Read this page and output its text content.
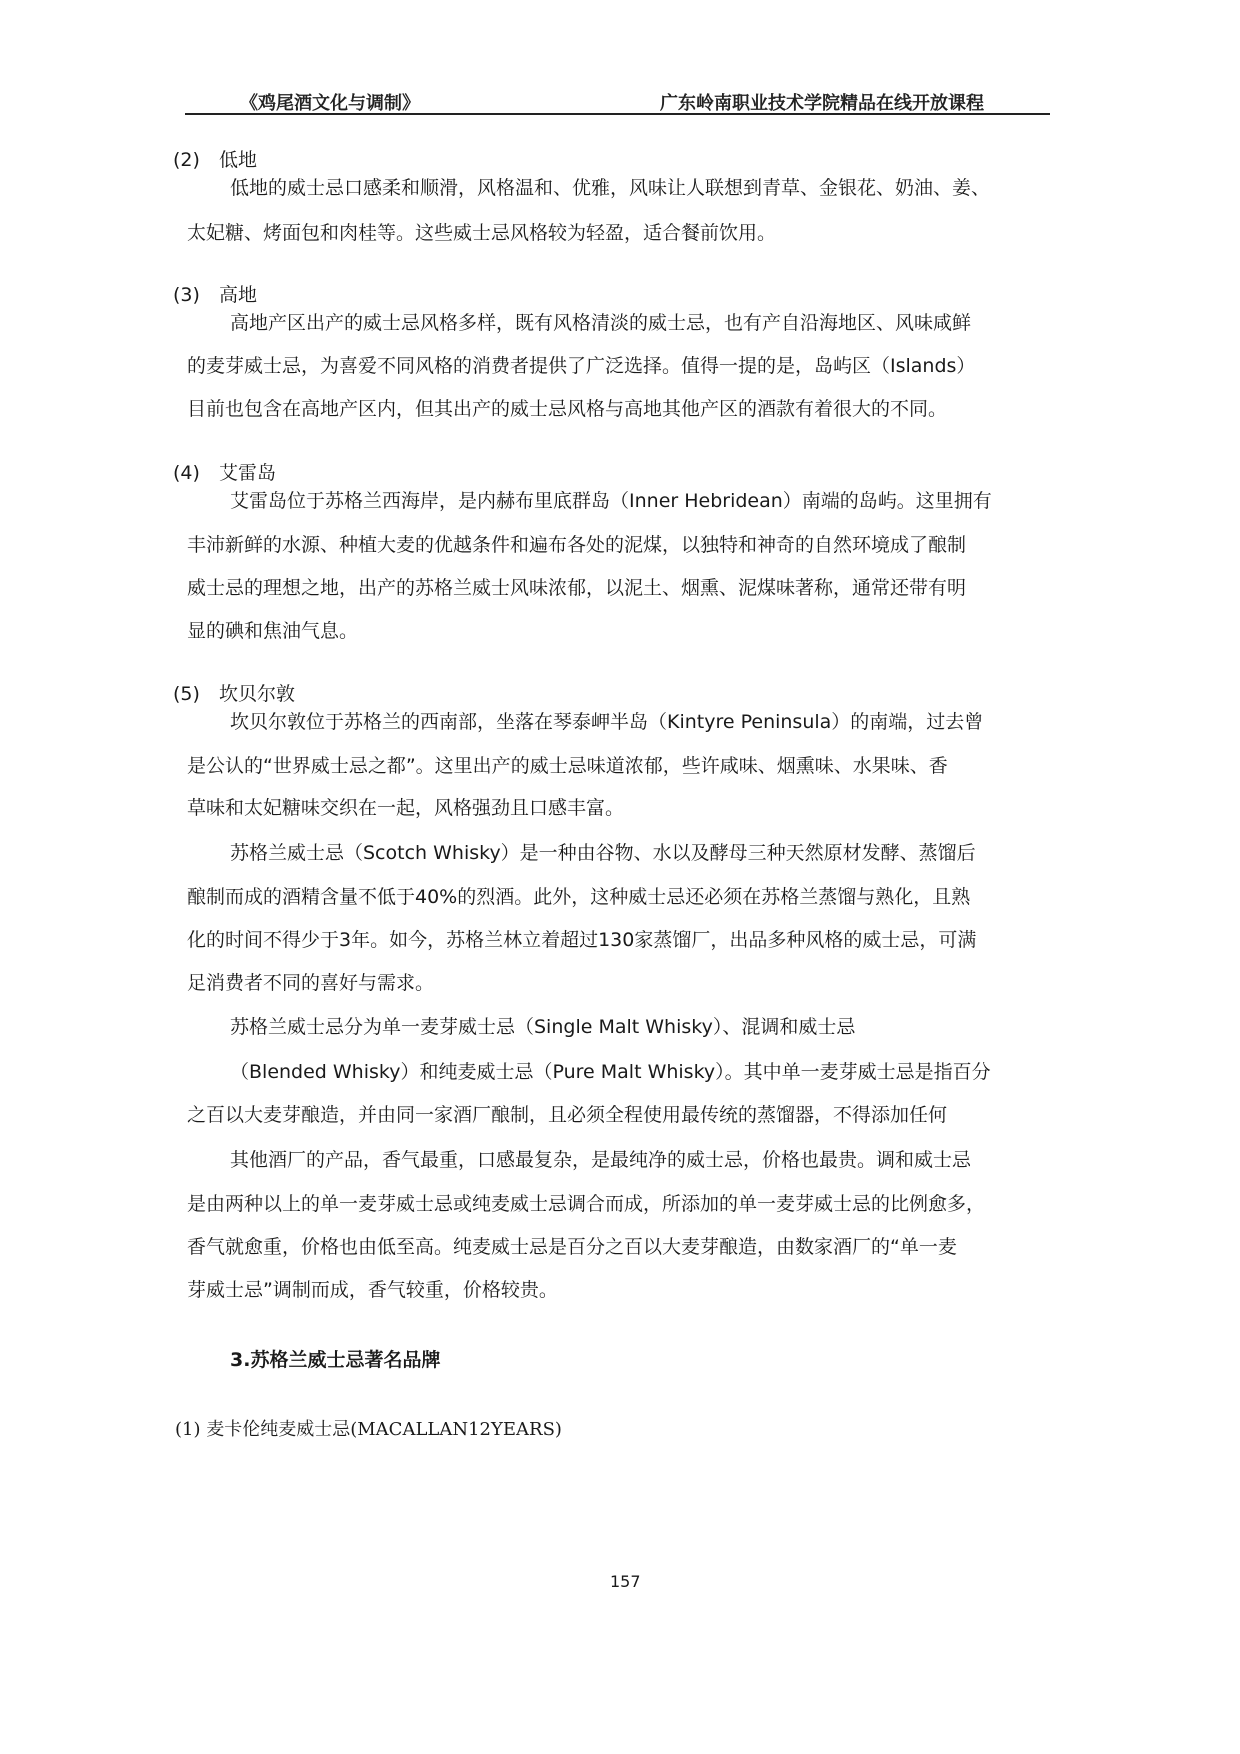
《鸡尾酒文化与调制》	广东岭南职业技术学院精品在线开放课程
(2) 低地
低地的威士忌口感柔和顺滑，风格温和、优雅，风味让人联想到青草、金银花、奶油、姜、
太妃糖、烤面包和肉桂等。这些威士忌风格较为轻盈，适合餐前饮用。
(3) 高地
高地产区出产的威士忌风格多样，既有风格清淡的威士忌，也有产自沿海地区、风味咸鲜
的麦芽威士忌，为喜爱不同风格的消费者提供了广泛选择。值得一提的是，岛屿区（Islands）
目前也包含在高地产区内，但其出产的威士忌风格与高地其他产区的酒款有着很大的不同。
(4) 艾雷岛
艾雷岛位于苏格兰西海岸，是内赫布里底群岛（Inner Hebridean）南端的岛屿。这里拥有
丰沛新鲜的水源、种植大麦的优越条件和遍布各处的泥煤，以独特和神奇的自然环境成了酿制
威士忌的理想之地，出产的苏格兰威士风味浓郁，以泥土、烟熏、泥煤味著称，通常还带有明
显的碘和焦油气息。
(5) 坎贝尔敦
坎贝尔敦位于苏格兰的西南部，坐落在琴泰岬半岛（Kintyre Peninsula）的南端，过去曾
是公认的“世界威士忌之都”。这里出产的威士忌味道浓郁，些许咸味、烟熏味、水果味、香
草味和太妃糖味交织在一起，风格强劲且口感丰富。
苏格兰威士忌（Scotch Whisky）是一种由谷物、水以及酵母三种天然原材发酵、蒸馏后
酿制而成的酒精含量不低于40%的烈酒。此外，这种威士忌还必须在苏格兰蒸馏与熟化，且熟
化的时间不得少于3年。如今，苏格兰林立着超过130家蒸馏厂，出品多种风格的威士忌，可满
足消费者不同的喜好与需求。
苏格兰威士忌分为单一麦芽威士忌（Single Malt Whisky）、混调和威士忌
（Blended Whisky）和纯麦威士忌（Pure Malt Whisky）。其中单一麦芽威士忌是指百分
之百以大麦芽酿造，并由同一家酒厂酿制，且必须全程使用最传统的蒸馏器，不得添加任何
其他酒厂的产品，香气最重，口感最复杂，是最纯净的威士忌，价格也最贵。调和威士忌
是由两种以上的单一麦芽威士忌或纯麦威士忌调合而成，所添加的单一麦芽威士忌的比例愈多，
香气就愈重，价格也由低至高。纯麦威士忌是百分之百以大麦芽酿造，由数家酒厂的“单一麦
芽威士忌”调制而成，香气较重，价格较贵。
3.苏格兰威士忌著名品牌
(1) 麦卡伦纯麦威士忌(MACALLAN12YEARS)
157
